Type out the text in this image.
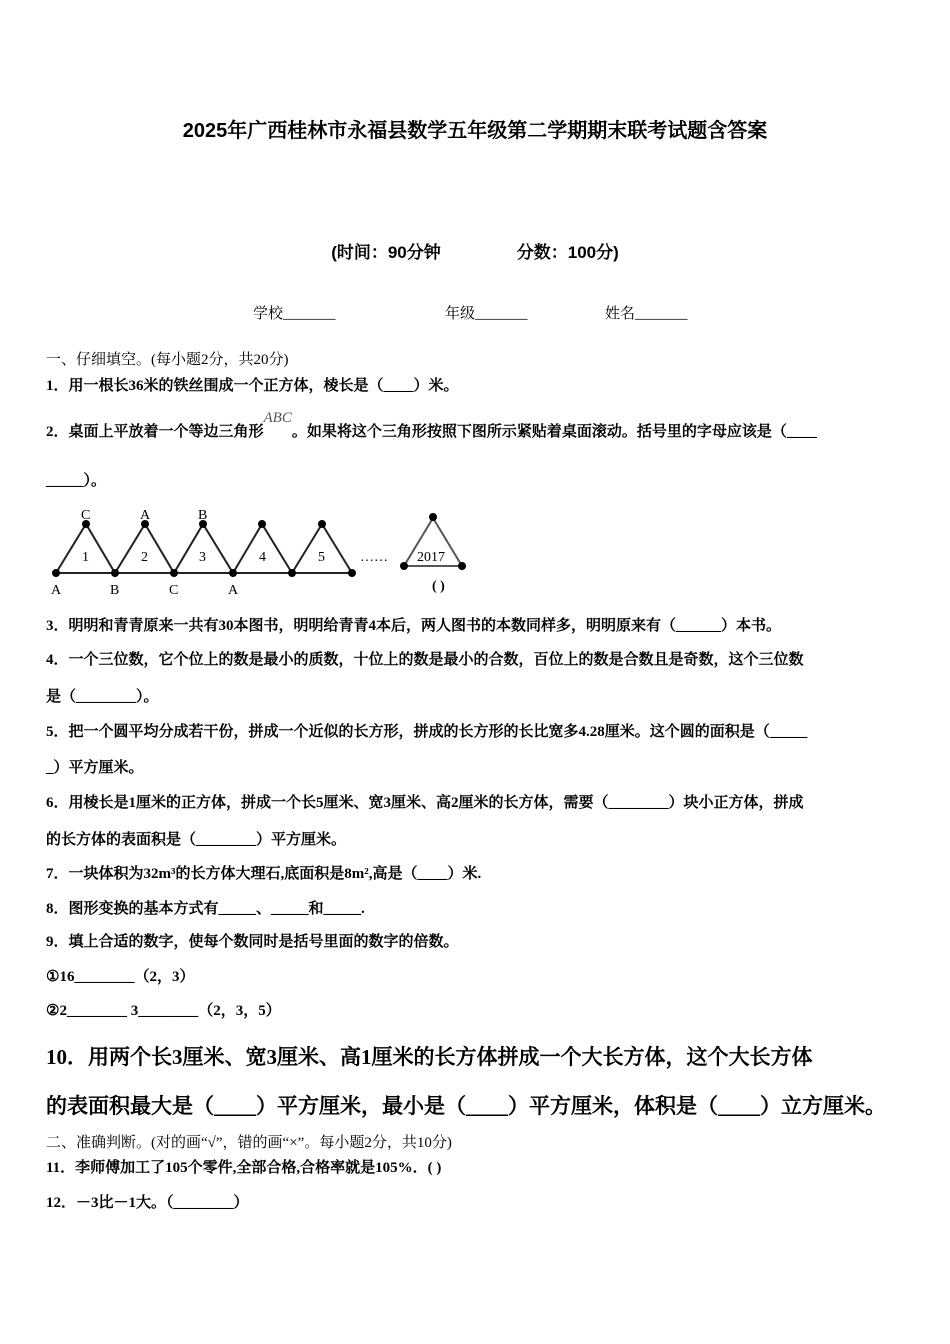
2025年广西桂林市永福县数学五年级第二学期期末联考试题含答案
(时间：90分钟	分数：100分)
学校_______	年级_______	姓名_______
一、仔细填空。(每小题2分，共20分)
1．用一根长36米的铁丝围成一个正方体，棱长是（____）米。
2．桌面上平放着一个等边三角形ABC。如果将这个三角形按照下图所示紧贴着桌面滚动。括号里的字母应该是（____
_____）。
C	A	B
A	B	C	A
1	2	3	4	5	…… 2017
( )
3．明明和青青原来一共有30本图书，明明给青青4本后，两人图书的本数同样多，明明原来有（______）本书。
4．一个三位数，它个位上的数是最小的质数，十位上的数是最小的合数，百位上的数是合数且是奇数，这个三位数
是（________）。
5．把一个圆平均分成若干份，拼成一个近似的长方形，拼成的长方形的长比宽多4.28厘米。这个圆的面积是（_____
_）平方厘米。
6．用棱长是1厘米的正方体，拼成一个长5厘米、宽3厘米、高2厘米的长方体，需要（________）块小正方体，拼成
的长方体的表面积是（________）平方厘米。
7．一块体积为32m³的长方体大理石,底面积是8m²,高是（____）米.
8．图形变换的基本方式有_____、_____和_____.
9．填上合适的数字，使每个数同时是括号里面的数字的倍数。
①16________（2，3）
②2________ 3________（2，3，5）
10．用两个长3厘米、宽3厘米、高1厘米的长方体拼成一个大长方体，这个大长方体
的表面积最大是（____）平方厘米，最小是（____）平方厘米，体积是（____）立方厘米。
二、准确判断。(对的画“√”，错的画“×”。每小题2分，共10分)
11．李师傅加工了105个零件,全部合格,合格率就是105%．( )
12．－3比－1大。（________）
